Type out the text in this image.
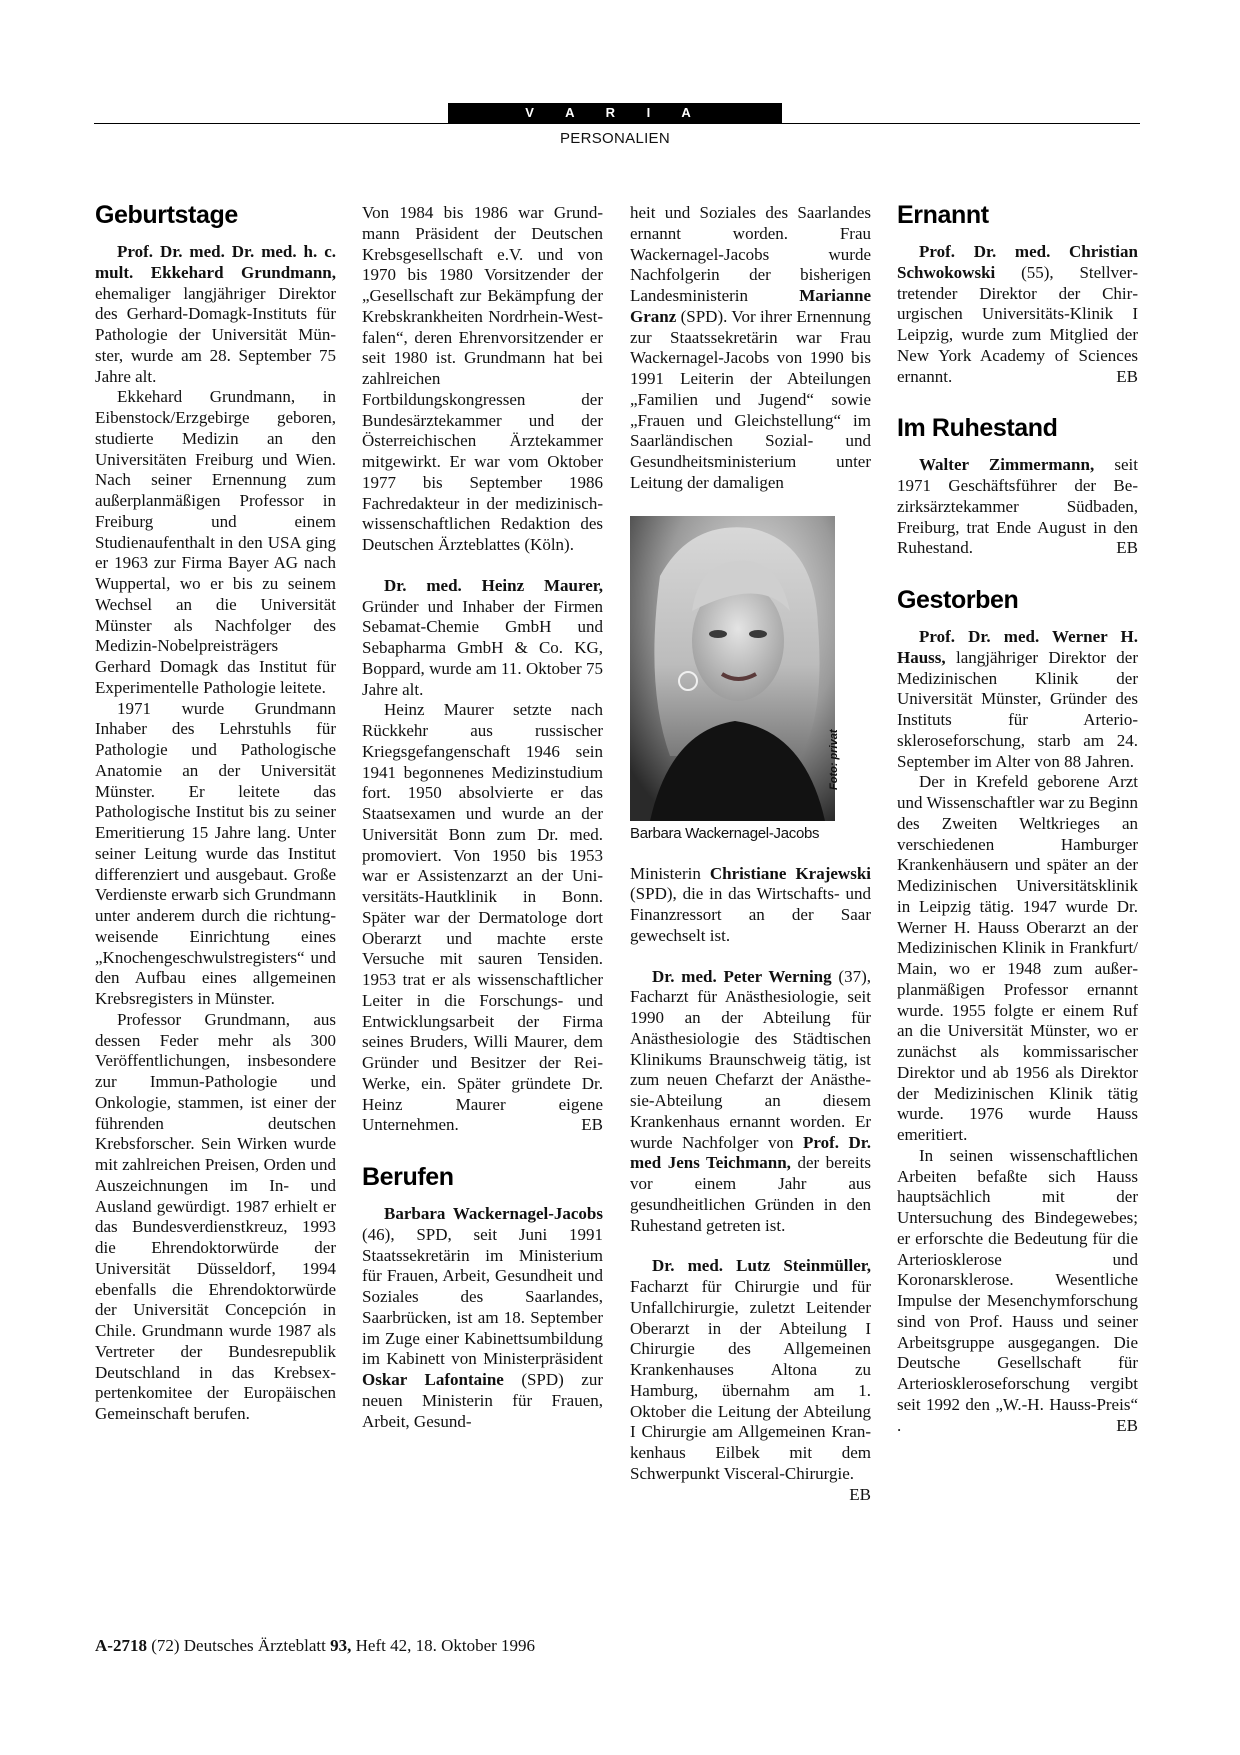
V A R I A
PERSONALIEN
Geburtstage

Prof. Dr. med. Dr. med. h. c. mult. Ekkehard Grundmann, ehemaliger langjähriger Direktor des Gerhard-Domagk-Instituts für Pathologie der Universität Münster, wurde am 28. September 75 Jahre alt.

Ekkehard Grundmann, in Eibenstock/Erzgebirge geboren, studierte Medizin an den Universitäten Freiburg und Wien. Nach seiner Ernennung zum außerplanmäßigen Professor in Freiburg und einem Studienaufenthalt in den USA ging er 1963 zur Firma Bayer AG nach Wuppertal, wo er bis zu seinem Wechsel an die Universität Münster als Nachfolger des Medizin-Nobelpreisträgers Gerhard Domagk das Institut für Experimentelle Pathologie leitete.

1971 wurde Grundmann Inhaber des Lehrstuhls für Pathologie und Pathologische Anatomie an der Universität Münster. Er leitete das Pathologische Institut bis zu seiner Emeritierung 15 Jahre lang. Unter seiner Leitung wurde das Institut differenziert und ausgebaut. Große Verdienste erwarb sich Grundmann unter anderem durch die richtungweisende Einrichtung eines „Knochengeschwulstregisters“ und den Aufbau eines allgemeinen Krebsregisters in Münster.

Professor Grundmann, aus dessen Feder mehr als 300 Veröffentlichungen, insbesondere zur Immun-Pathologie und Onkologie, stammen, ist einer der führenden deutschen Krebsforscher. Sein Wirken wurde mit zahlreichen Preisen, Orden und Auszeichnungen im In- und Ausland gewürdigt. 1987 erhielt er das Bundesverdienstkreuz, 1993 die Ehrendoktorwürde der Universität Düsseldorf, 1994 ebenfalls die Ehrendoktorwürde der Universität Concepción in Chile. Grundmann wurde 1987 als Vertreter der Bundesrepublik Deutschland in das Krebsexpertenkomitee der Europäischen Gemeinschaft berufen.

Von 1984 bis 1986 war Grundmann Präsident der Deutschen Krebsgesellschaft e.V. und von 1970 bis 1980 Vorsitzender der „Gesellschaft zur Bekämpfung der Krebskrankheiten Nordrhein-Westfalen“, deren Ehrenvorsitzender er seit 1980 ist. Grundmann hat bei zahlreichen Fortbildungskongressen der Bundesärztekammer und der Österreichischen Ärztekammer mitgewirkt. Er war vom Oktober 1977 bis September 1986 Fachredakteur in der medizinisch-wissenschaftlichen Redaktion des Deutschen Ärzteblattes (Köln).

Dr. med. Heinz Maurer, Gründer und Inhaber der Firmen Sebamat-Chemie GmbH und Sebapharma GmbH & Co. KG, Boppard, wurde am 11. Oktober 75 Jahre alt.

Heinz Maurer setzte nach Rückkehr aus russischer Kriegsgefangenschaft 1946 sein 1941 begonnenes Medizinstudium fort. 1950 absolvierte er das Staatsexamen und wurde an der Universität Bonn zum Dr. med. promoviert. Von 1950 bis 1953 war er Assistenzarzt an der Universitäts-Hautklinik in Bonn. Später war der Dermatologe dort Oberarzt und machte erste Versuche mit sauren Tensiden. 1953 trat er als wissenschaftlicher Leiter in die Forschungs- und Entwicklungsarbeit der Firma seines Bruders, Willi Maurer, dem Gründer und Besitzer der Rei-Werke, ein. Später gründete Dr. Heinz Maurer eigene Unternehmen.	EB

Berufen

Barbara Wackernagel-Jacobs (46), SPD, seit Juni 1991 Staatssekretärin im Ministerium für Frauen, Arbeit, Gesundheit und Soziales des Saarlandes, Saarbrücken, ist am 18. September im Zuge einer Kabinettsumbildung im Kabinett von Ministerpräsident Oskar Lafontaine (SPD) zur neuen Ministerin für Frauen, Arbeit, Gesund-

heit und Soziales des Saarlandes ernannt worden. Frau Wackernagel-Jacobs wurde Nachfolgerin der bisherigen Landesministerin Marianne Granz (SPD). Vor ihrer Ernennung zur Staatssekretärin war Frau Wackernagel-Jacobs von 1990 bis 1991 Leiterin der Abteilungen „Familien und Jugend“ sowie „Frauen und Gleichstellung“ im Saarländischen Sozial- und Gesundheitsministerium unter Leitung der damaligen

Barbara Wackernagel-Jacobs

Ministerin Christiane Krajewski (SPD), die in das Wirtschafts- und Finanzressort an der Saar gewechselt ist.

Dr. med. Peter Werning (37), Facharzt für Anästhesiologie, seit 1990 an der Abteilung für Anästhesiologie des Städtischen Klinikums Braunschweig tätig, ist zum neuen Chefarzt der Anästhesie-Abteilung an diesem Krankenhaus ernannt worden. Er wurde Nachfolger von Prof. Dr. med Jens Teichmann, der bereits vor einem Jahr aus gesundheitlichen Gründen in den Ruhestand getreten ist.

Dr. med. Lutz Steinmüller, Facharzt für Chirurgie und für Unfallchirurgie, zuletzt Leitender Oberarzt in der Abteilung I Chirurgie des Allgemeinen Krankenhauses Altona zu Hamburg, übernahm am 1. Oktober die Leitung der Abteilung I Chirurgie am Allgemeinen Krankenhaus Eilbek mit dem Schwerpunkt Visceral-Chirurgie.
EB

Foto: privat
Ernannt

Prof. Dr. med. Christian Schwokowski (55), Stellvertretender Direktor der Chirurgischen Universitäts-Klinik I Leipzig, wurde zum Mitglied der New York Academy of Sciences ernannt.	EB

Im Ruhestand

Walter Zimmermann, seit 1971 Geschäftsführer der Bezirksärztekammer Südbaden, Freiburg, trat Ende August in den Ruhestand.	EB

Gestorben

Prof. Dr. med. Werner H. Hauss, langjähriger Direktor der Medizinischen Klinik der Universität Münster, Gründer des Instituts für Arterioskleroseforschung, starb am 24. September im Alter von 88 Jahren.

Der in Krefeld geborene Arzt und Wissenschaftler war zu Beginn des Zweiten Weltkrieges an verschiedenen Hamburger Krankenhäusern und später an der Medizinischen Universitätsklinik in Leipzig tätig. 1947 wurde Dr. Werner H. Hauss Oberarzt an der Medizinischen Klinik in Frankfurt/ Main, wo er 1948 zum außerplanmäßigen Professor ernannt wurde. 1955 folgte er einem Ruf an die Universität Münster, wo er zunächst als kommissarischer Direktor und ab 1956 als Direktor der Medizinischen Klinik tätig wurde. 1976 wurde Hauss emeritiert.

In seinen wissenschaftlichen Arbeiten befaßte sich Hauss hauptsächlich mit der Untersuchung des Bindegewebes; er erforschte die Bedeutung für die Arteriosklerose und Koronarsklerose. Wesentliche Impulse der Mesenchymforschung sind von Prof. Hauss und seiner Arbeitsgruppe ausgegangen. Die Deutsche Gesellschaft für Arterioskleroseforschung vergibt seit 1992 den „W.-H. Hauss-Preis“ .	EB

A-2718 (72) Deutsches Ärzteblatt 93, Heft 42, 18. Oktober 1996
